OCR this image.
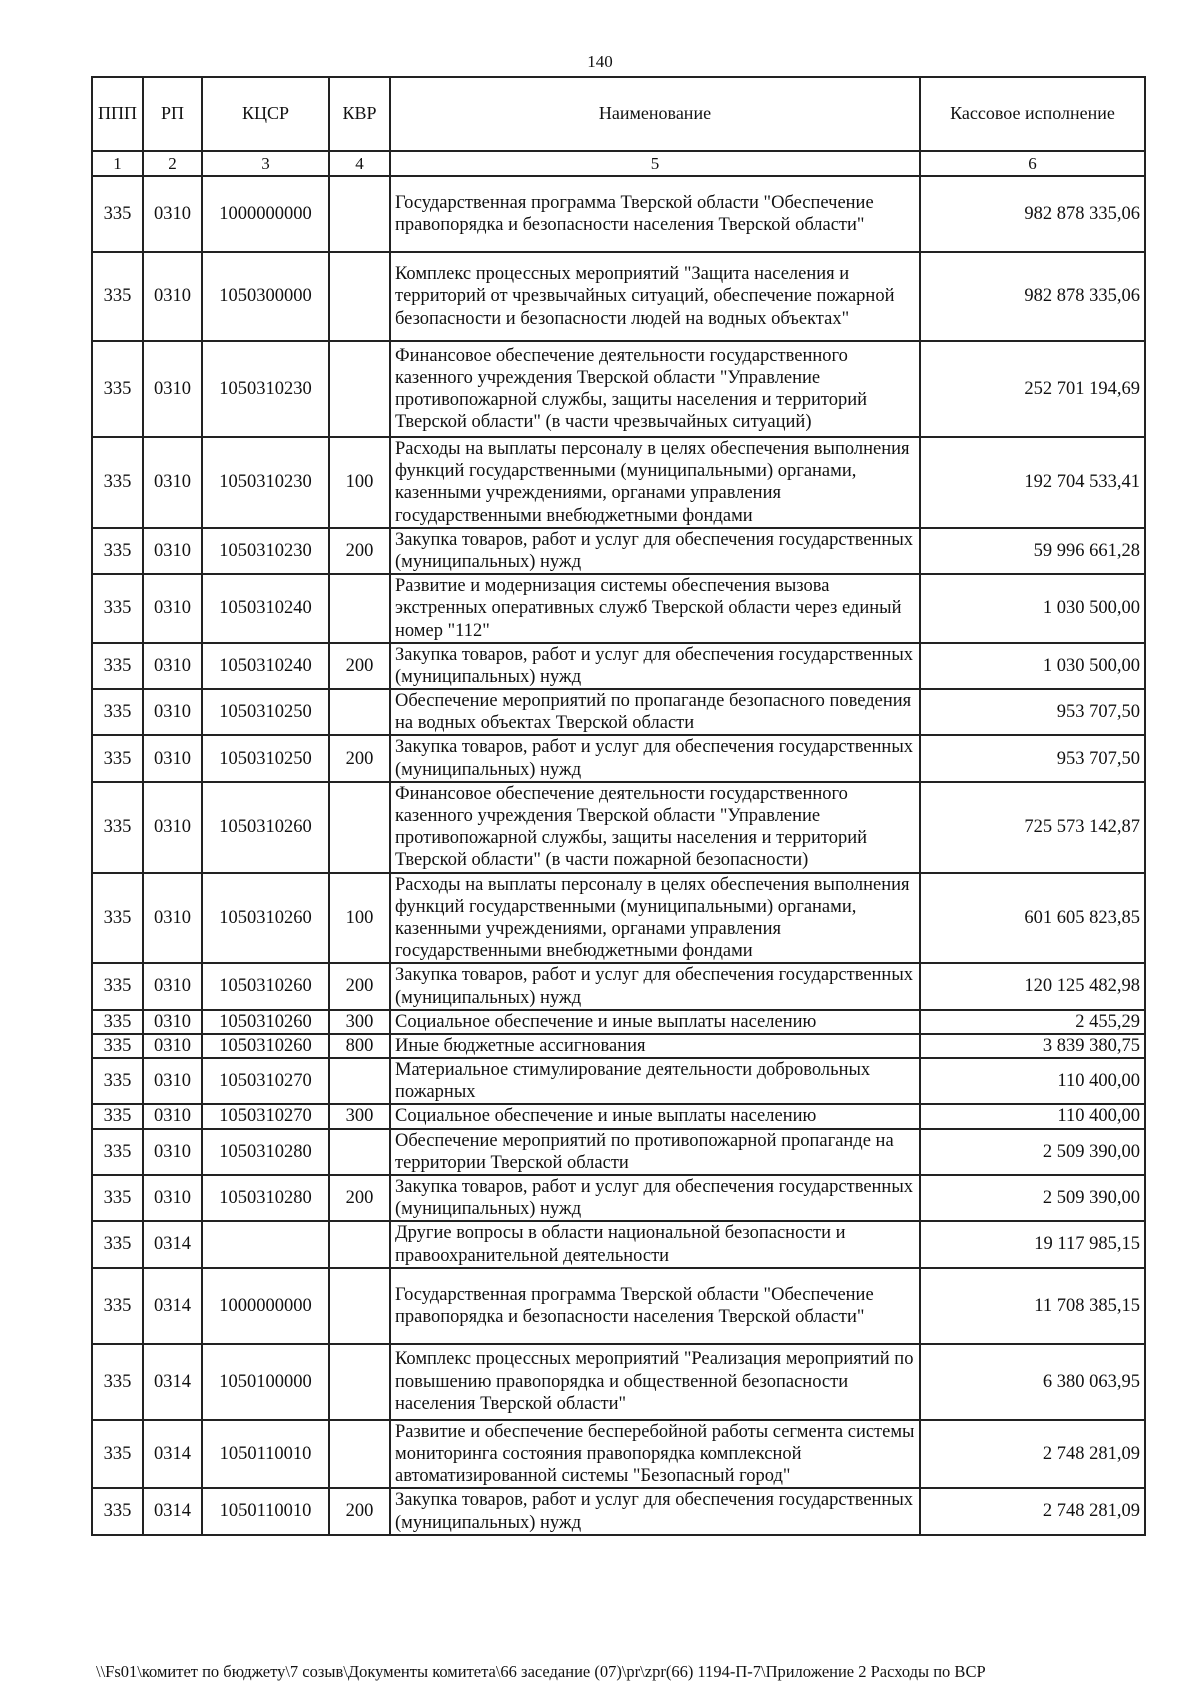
140
ППП	РП	КЦСР	КВР	Наименование	Кассовое исполнение
1	2	3	4	5	6
335	0310	1000000000		Государственная программа Тверской области "Обеспечение правопорядка и безопасности населения Тверской области"	982 878 335,06
335	0310	1050300000		Комплекс процессных мероприятий "Защита населения и территорий от чрезвычайных ситуаций, обеспечение пожарной безопасности и безопасности людей на водных объектах"	982 878 335,06
335	0310	1050310230		Финансовое обеспечение деятельности государственного казенного учреждения Тверской области "Управление противопожарной службы, защиты населения и территорий Тверской области" (в части чрезвычайных ситуаций)	252 701 194,69
335	0310	1050310230	100	Расходы на выплаты персоналу в целях обеспечения выполнения функций государственными (муниципальными) органами, казенными учреждениями, органами управления государственными внебюджетными фондами	192 704 533,41
335	0310	1050310230	200	Закупка товаров, работ и услуг для обеспечения государственных (муниципальных) нужд	59 996 661,28
335	0310	1050310240		Развитие и модернизация системы обеспечения вызова экстренных оперативных служб Тверской области через единый номер "112"	1 030 500,00
335	0310	1050310240	200	Закупка товаров, работ и услуг для обеспечения государственных (муниципальных) нужд	1 030 500,00
335	0310	1050310250		Обеспечение мероприятий по пропаганде безопасного поведения на водных объектах Тверской области	953 707,50
335	0310	1050310250	200	Закупка товаров, работ и услуг для обеспечения государственных (муниципальных) нужд	953 707,50
335	0310	1050310260		Финансовое обеспечение деятельности государственного казенного учреждения Тверской области "Управление противопожарной службы, защиты населения и территорий Тверской области" (в части пожарной безопасности)	725 573 142,87
335	0310	1050310260	100	Расходы на выплаты персоналу в целях обеспечения выполнения функций государственными (муниципальными) органами, казенными учреждениями, органами управления государственными внебюджетными фондами	601 605 823,85
335	0310	1050310260	200	Закупка товаров, работ и услуг для обеспечения государственных (муниципальных) нужд	120 125 482,98
335	0310	1050310260	300	Социальное обеспечение и иные выплаты населению	2 455,29
335	0310	1050310260	800	Иные бюджетные ассигнования	3 839 380,75
335	0310	1050310270		Материальное стимулирование деятельности добровольных пожарных	110 400,00
335	0310	1050310270	300	Социальное обеспечение и иные выплаты населению	110 400,00
335	0310	1050310280		Обеспечение мероприятий по противопожарной пропаганде на территории Тверской области	2 509 390,00
335	0310	1050310280	200	Закупка товаров, работ и услуг для обеспечения государственных (муниципальных) нужд	2 509 390,00
335	0314			Другие вопросы в области национальной безопасности и правоохранительной деятельности	19 117 985,15
335	0314	1000000000		Государственная программа Тверской области "Обеспечение правопорядка и безопасности населения Тверской области"	11 708 385,15
335	0314	1050100000		Комплекс процессных мероприятий "Реализация мероприятий по повышению правопорядка и общественной безопасности населения Тверской области"	6 380 063,95
335	0314	1050110010		Развитие и обеспечение бесперебойной работы сегмента системы мониторинга состояния правопорядка комплексной автоматизированной системы "Безопасный город"	2 748 281,09
335	0314	1050110010	200	Закупка товаров, работ и услуг для обеспечения государственных (муниципальных) нужд	2 748 281,09
\\Fs01\комитет по бюджету\7 созыв\Документы комитета\66 заседание (07)\pr\zpr(66) 1194-П-7\Приложение 2 Расходы по ВСР
